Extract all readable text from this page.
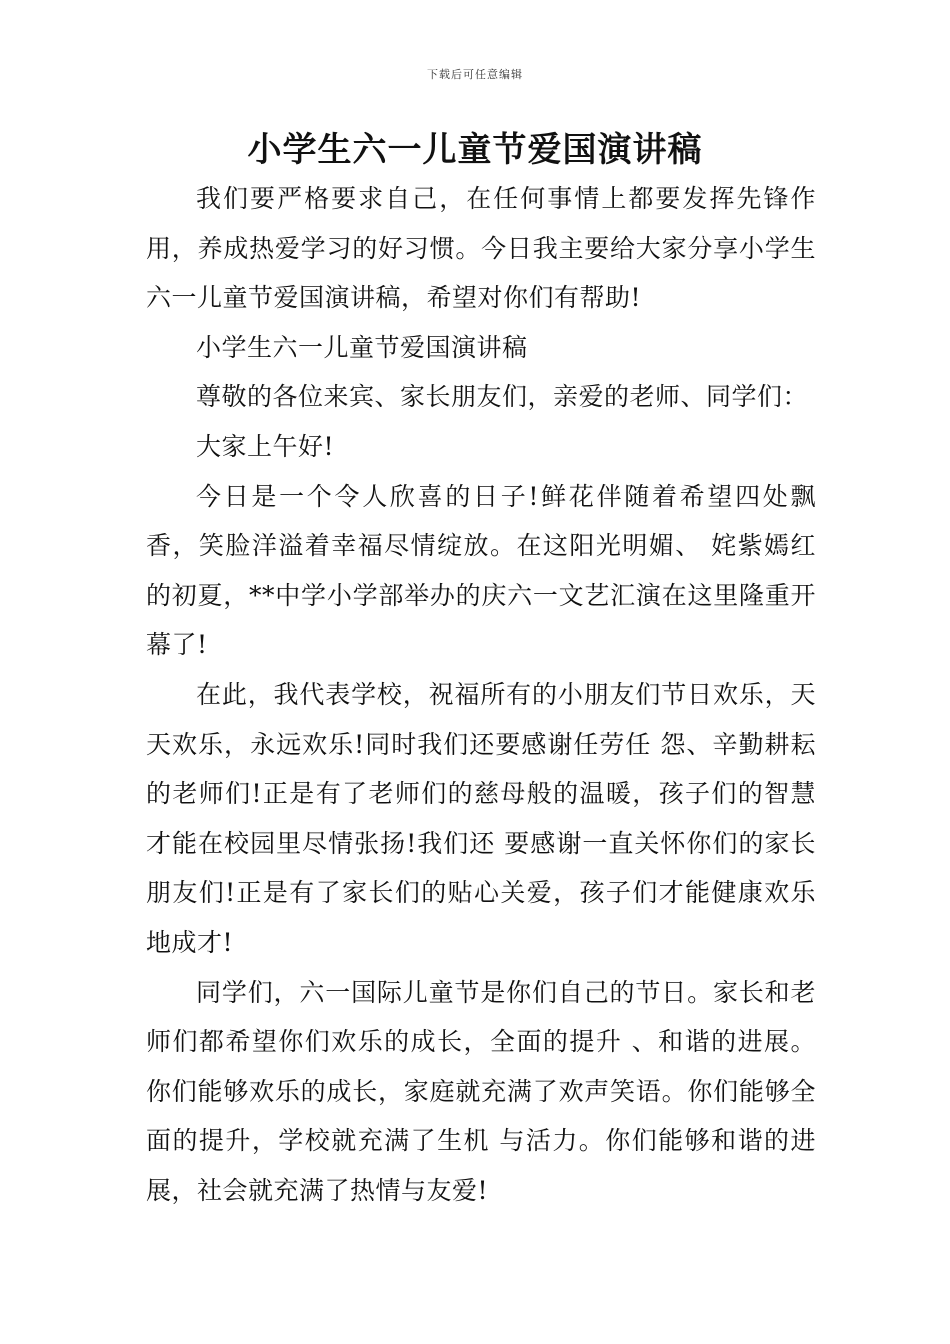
下载后可任意编辑
小学生六一儿童节爱国演讲稿

我们要严格要求自己，在任何事情上都要发挥先锋作用，养成热爱学习的好习惯。今日我主要给大家分享小学生六一儿童节爱国演讲稿，希望对你们有帮助!

小学生六一儿童节爱国演讲稿

尊敬的各位来宾、家长朋友们，亲爱的老师、同学们：

大家上午好!

今日是一个令人欣喜的日子!鲜花伴随着希望四处飘香，笑脸洋溢着幸福尽情绽放。在这阳光明媚、 姹紫嫣红的初夏，**中学小学部举办的庆六一文艺汇演在这里隆重开幕了!

在此，我代表学校，祝福所有的小朋友们节日欢乐，天天欢乐，永远欢乐!同时我们还要感谢任劳任 怨、辛勤耕耘的老师们!正是有了老师们的慈母般的温暖，孩子们的智慧才能在校园里尽情张扬!我们还 要感谢一直关怀你们的家长朋友们!正是有了家长们的贴心关爱，孩子们才能健康欢乐地成才!

同学们，六一国际儿童节是你们自己的节日。家长和老师们都希望你们欢乐的成长，全面的提升 、和谐的进展。你们能够欢乐的成长，家庭就充满了欢声笑语。你们能够全面的提升，学校就充满了生机 与活力。你们能够和谐的进展，社会就充满了热情与友爱!
